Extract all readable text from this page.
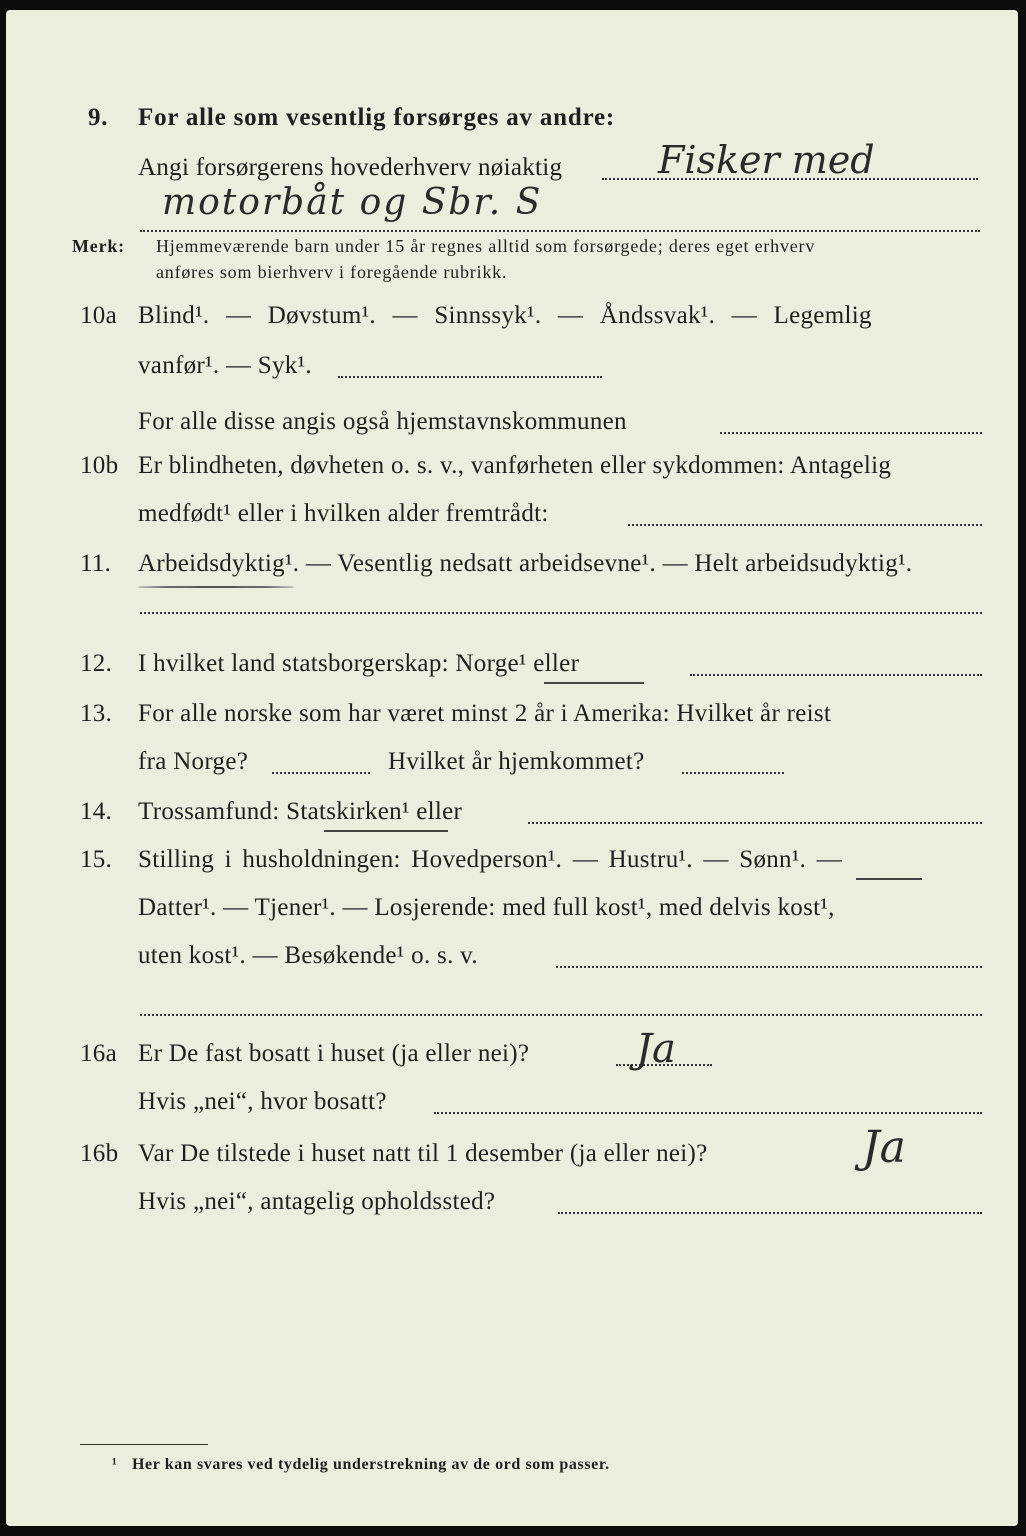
9. For alle som vesentlig forsørges av andre:
Angi forsørgerens hovederhverv nøiaktig	Fisker med
motorbåt og Sbr. S
Merk: Hjemmeværende barn under 15 år regnes alltid som forsørgede; deres eget erhverv
anføres som bierhverv i foregående rubrikk.
10a Blind¹. — Døvstum¹. — Sinnssyk¹. — Åndssvak¹. — Legemlig
vanfør¹. — Syk¹.
For alle disse angis også hjemstavnskommunen
10b Er blindheten, døvheten o. s. v., vanførheten eller sykdommen: Antagelig
medfødt¹ eller i hvilken alder fremtrådt:
11. Arbeidsdyktig¹. — Vesentlig nedsatt arbeidsevne¹. — Helt arbeidsudyktig¹.
12. I hvilket land statsborgerskap: Norge¹ eller
13. For alle norske som har været minst 2 år i Amerika: Hvilket år reist
fra Norge?	Hvilket år hjemkommet?
14. Trossamfund: Statskirken¹ eller
15. Stilling i husholdningen: Hovedperson¹. — Hustru¹. — Sønn¹. —
Datter¹. — Tjener¹. — Losjerende: med full kost¹, med delvis kost¹,
uten kost¹. — Besøkende¹ o. s. v.
16a Er De fast bosatt i huset (ja eller nei)?	Ja
Hvis „nei“, hvor bosatt?
16b Var De tilstede i huset natt til 1 desember (ja eller nei)?	Ja
Hvis „nei“, antagelig opholdssted?
¹ Her kan svares ved tydelig understrekning av de ord som passer.
